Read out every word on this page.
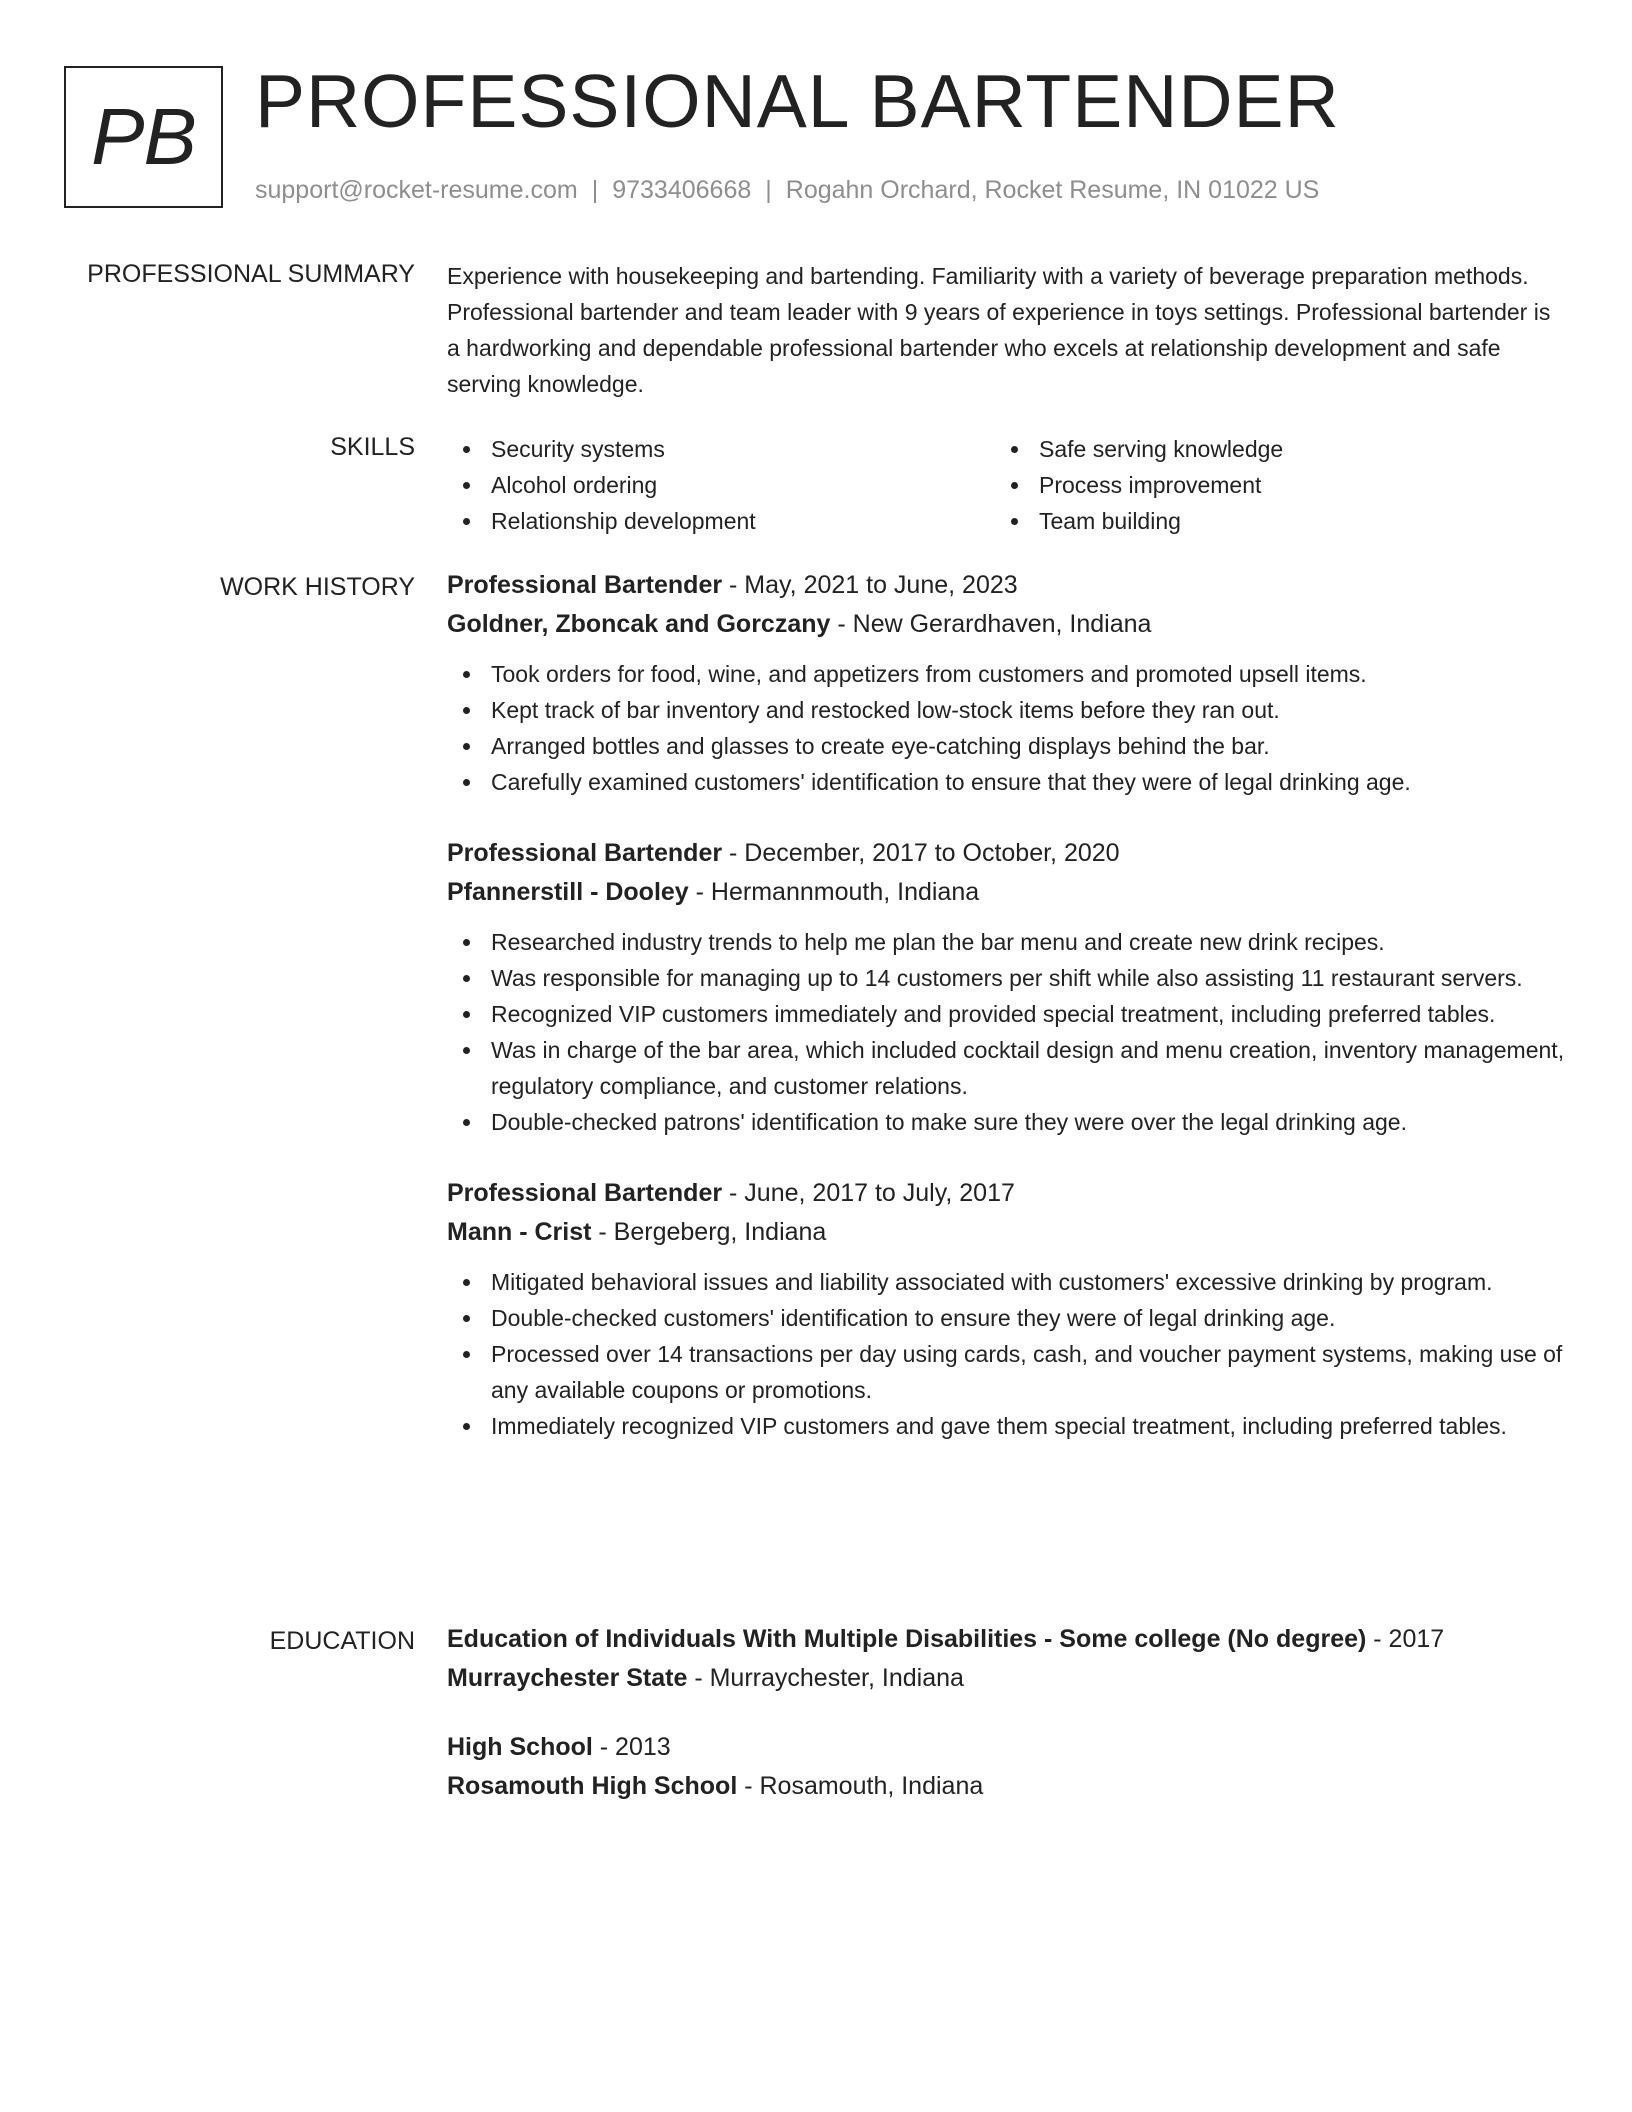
PB PROFESSIONAL BARTENDER
support@rocket-resume.com | 9733406668 | Rogahn Orchard, Rocket Resume, IN 01022 US
PROFESSIONAL SUMMARY Experience with housekeeping and bartending. Familiarity with a variety of beverage preparation methods. Professional bartender and team leader with 9 years of experience in toys settings. Professional bartender is a hardworking and dependable professional bartender who excels at relationship development and safe serving knowledge.

SKILLS	Security systems
Alcohol ordering
Relationship development
Safe serving knowledge
Process improvement
Team building
WORK HISTORY Professional Bartender - May, 2021 to June, 2023
Goldner, Zboncak and Gorczany - New Gerardhaven, Indiana
Took orders for food, wine, and appetizers from customers and promoted upsell items.
Kept track of bar inventory and restocked low-stock items before they ran out.
Arranged bottles and glasses to create eye-catching displays behind the bar.
Carefully examined customers' identification to ensure that they were of legal drinking age.
Professional Bartender - December, 2017 to October, 2020
Pfannerstill - Dooley - Hermannmouth, Indiana
Researched industry trends to help me plan the bar menu and create new drink recipes.
Was responsible for managing up to 14 customers per shift while also assisting 11 restaurant servers.
Recognized VIP customers immediately and provided special treatment, including preferred tables.
Was in charge of the bar area, which included cocktail design and menu creation, inventory management, regulatory compliance, and customer relations.
Double-checked patrons' identification to make sure they were over the legal drinking age.
Professional Bartender - June, 2017 to July, 2017
Mann - Crist - Bergeberg, Indiana
Mitigated behavioral issues and liability associated with customers' excessive drinking by program.
Double-checked customers' identification to ensure they were of legal drinking age.
Processed over 14 transactions per day using cards, cash, and voucher payment systems, making use of any available coupons or promotions.
Immediately recognized VIP customers and gave them special treatment, including preferred tables.
EDUCATION Education of Individuals With Multiple Disabilities - Some college (No degree) - 2017
Murraychester State - Murraychester, Indiana
High School - 2013
Rosamouth High School - Rosamouth, Indiana
